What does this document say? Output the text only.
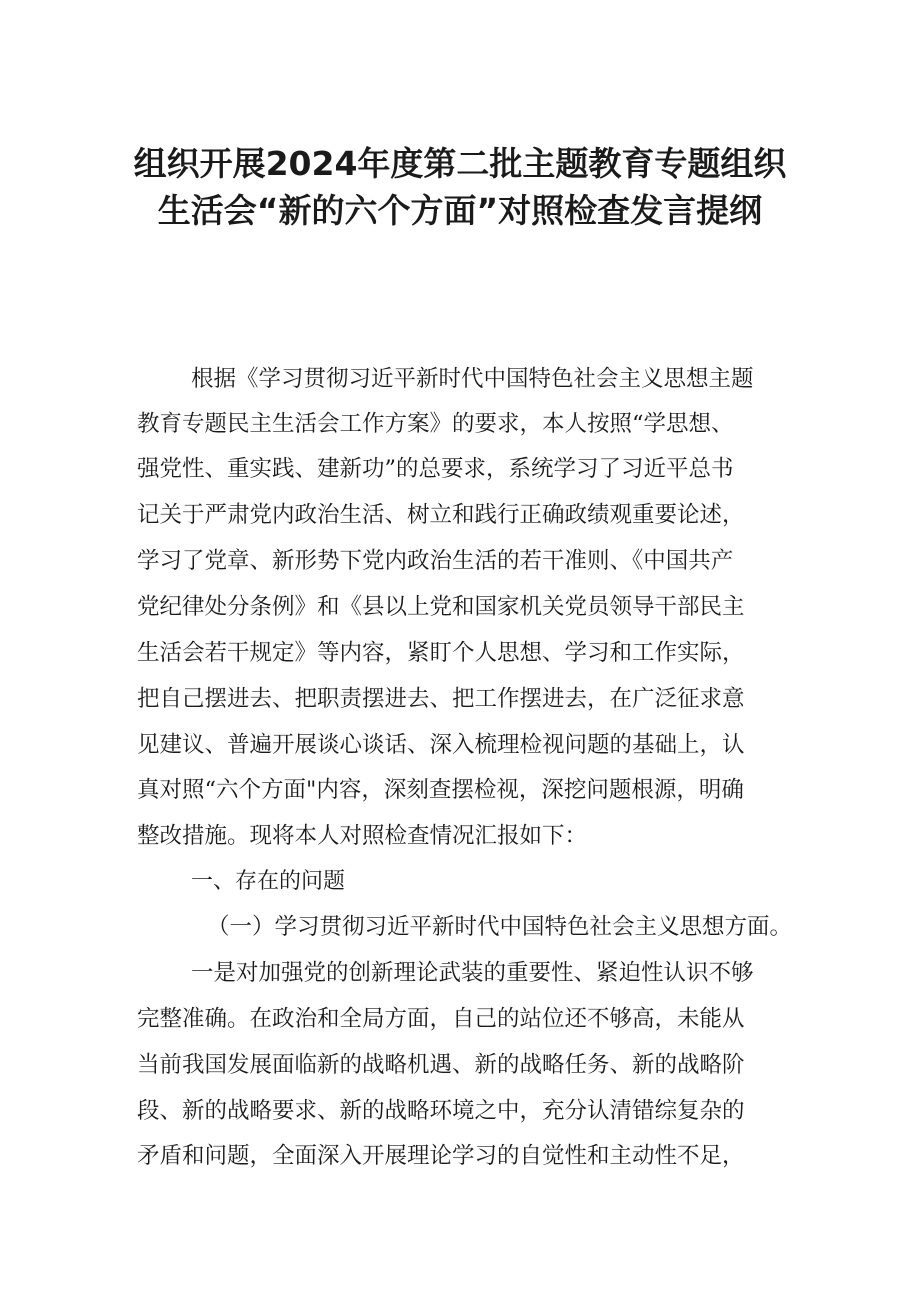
组织开展2024年度第二批主题教育专题组织
生活会“新的六个方面”对照检查发言提纲
根据《学习贯彻习近平新时代中国特色社会主义思想主题
教育专题民主生活会工作方案》的要求，本人按照“学思想、
强党性、重实践、建新功”的总要求，系统学习了习近平总书
记关于严肃党内政治生活、树立和践行正确政绩观重要论述，
学习了党章、新形势下党内政治生活的若干准则、《中国共产
党纪律处分条例》和《县以上党和国家机关党员领导干部民主
生活会若干规定》等内容，紧盯个人思想、学习和工作实际，
把自己摆进去、把职责摆进去、把工作摆进去，在广泛征求意
见建议、普遍开展谈心谈话、深入梳理检视问题的基础上，认
真对照“六个方面"内容，深刻查摆检视，深挖问题根源，明确
整改措施。现将本人对照检查情况汇报如下：
一、存在的问题
（一）学习贯彻习近平新时代中国特色社会主义思想方面。
一是对加强党的创新理论武装的重要性、紧迫性认识不够
完整准确。在政治和全局方面，自己的站位还不够高，未能从
当前我国发展面临新的战略机遇、新的战略任务、新的战略阶
段、新的战略要求、新的战略环境之中，充分认清错综复杂的
矛盾和问题，全面深入开展理论学习的自觉性和主动性不足，
